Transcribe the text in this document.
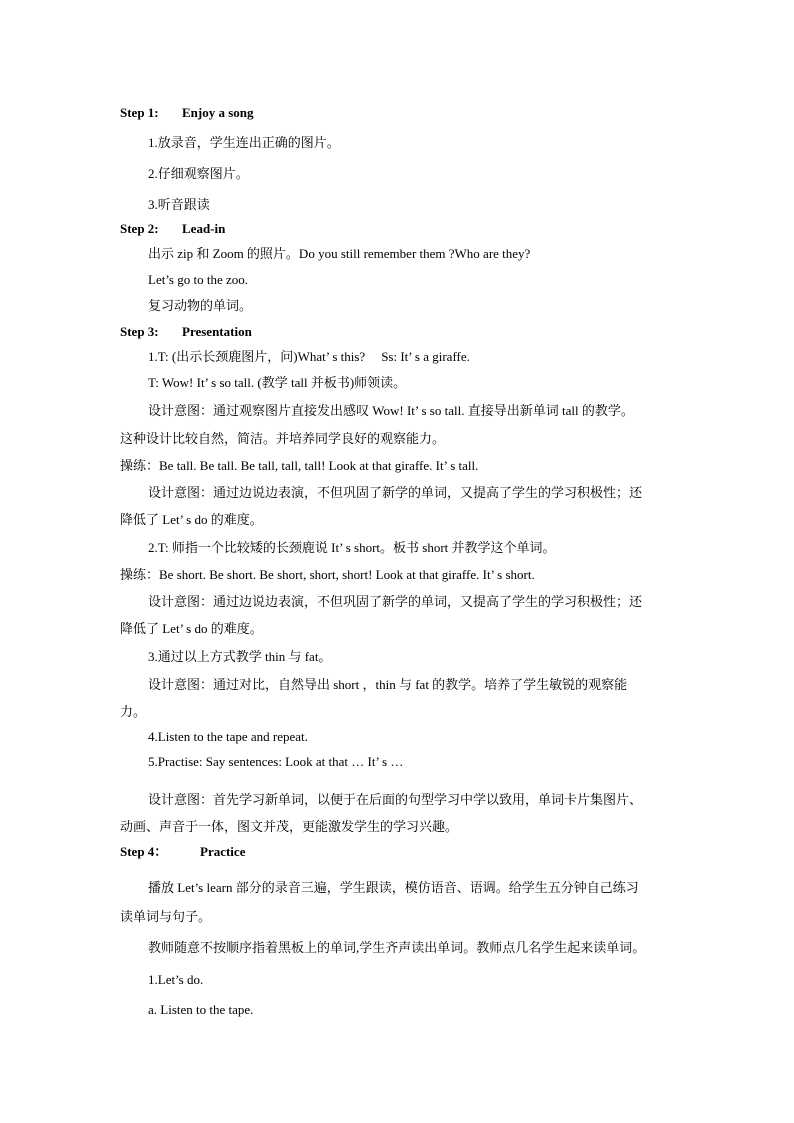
Step 1: Enjoy a song
1.放录音，学生连出正确的图片。
2.仔细观察图片。
3.听音跟读
Step 2: Lead-in
出示 zip 和 Zoom 的照片。Do you still remember them ?Who are they?
Let’s go to the zoo.
复习动物的单词。
Step 3: Presentation
1.T: (出示长颈鹿图片，问)What’ s this? Ss: It’ s a giraffe.
T: Wow! It’ s so tall. (教学 tall 并板书)师领读。
设计意图：通过观察图片直接发出感叹 Wow! It’ s so tall. 直接导出新单词 tall 的教学。
这种设计比较自然，简洁。并培养同学良好的观察能力。
操练：Be tall. Be tall. Be tall, tall, tall! Look at that giraffe. It’ s tall.
设计意图：通过边说边表演，不但巩固了新学的单词，又提高了学生的学习积极性；还
降低了 Let’ s do 的难度。
2.T: 师指一个比较矮的长颈鹿说 It’ s short。板书 short 并教学这个单词。
操练：Be short. Be short. Be short, short, short! Look at that giraffe. It’ s short.
设计意图：通过边说边表演，不但巩固了新学的单词，又提高了学生的学习积极性；还
降低了 Let’ s do 的难度。
3.通过以上方式教学 thin 与 fat。
设计意图：通过对比，自然导出 short ，thin 与 fat 的教学。培养了学生敏锐的观察能
力。
4.Listen to the tape and repeat.
5.Practise: Say sentences: Look at that … It’ s …
设计意图：首先学习新单词，以便于在后面的句型学习中学以致用，单词卡片集图片、
动画、声音于一体，图文并茂，更能激发学生的学习兴趣。
Step 4：	Practice
播放 Let’s learn 部分的录音三遍，学生跟读，模仿语音、语调。给学生五分钟自己练习
读单词与句子。
教师随意不按顺序指着黑板上的单词,学生齐声读出单词。教师点几名学生起来读单词。
1.Let’s do.
a. Listen to the tape.
